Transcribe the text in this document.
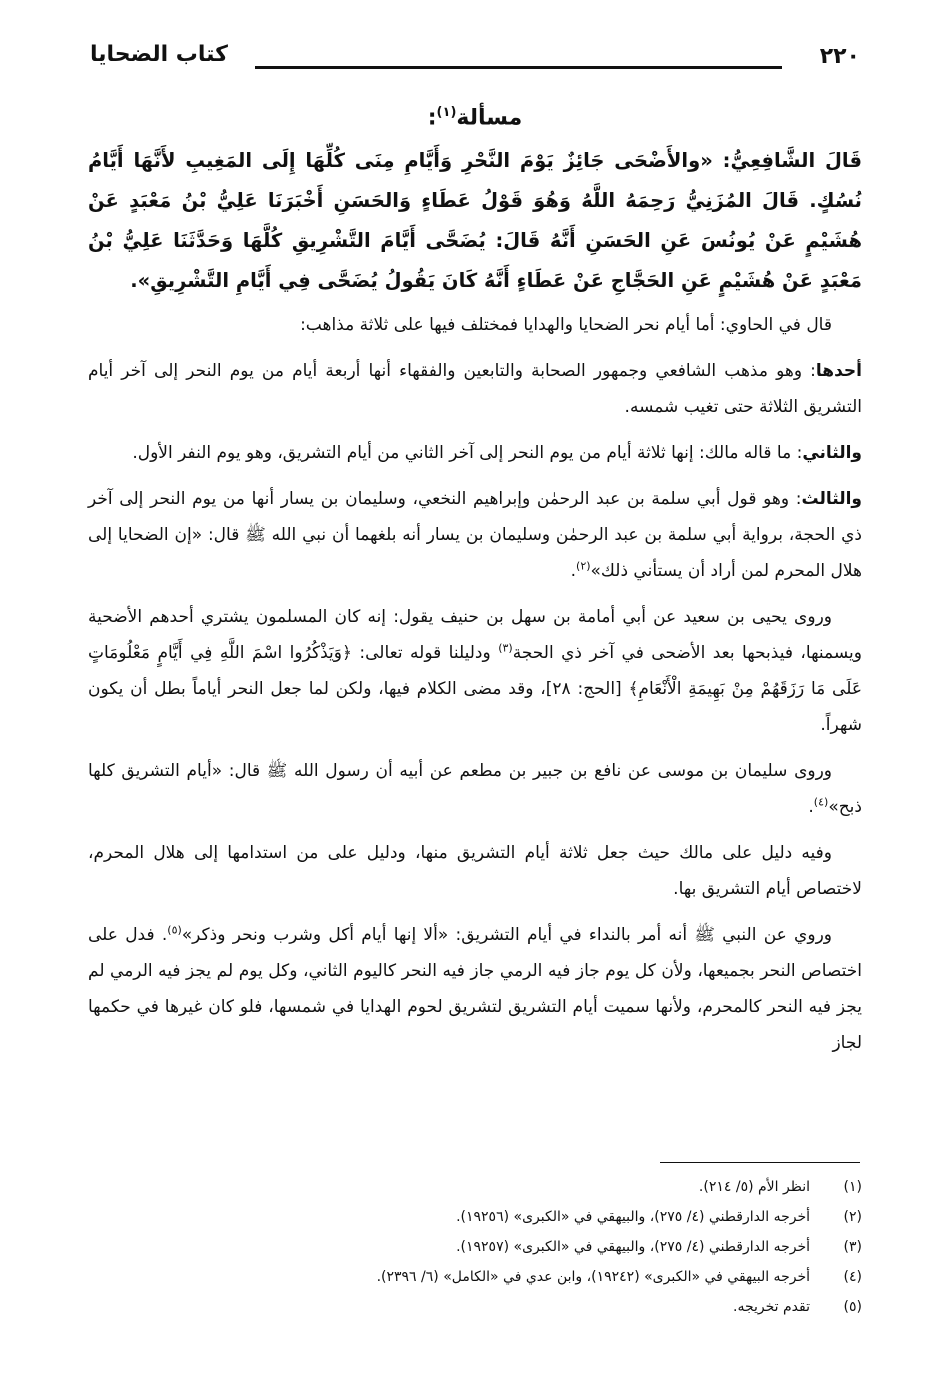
٢٢٠
كتاب الضحايا
مسألة$^{(١)}$:

قَالَ الشَّافِعِيُّ: «والأَضْحَى جَائِزٌ يَوْمَ النَّحْرِ وَأَيَّامِ مِنَى كُلِّهَا إِلَى المَغِيبِ لأَنَّهَا أَيَّامُ نُسُكٍ. قَالَ المُزَنِيُّ رَحِمَهُ اللَّهُ وَهُوَ قَوْلُ عَطَاءٍ وَالحَسَنِ أَخْبَرَنَا عَلِيُّ بْنُ مَعْبَدٍ عَنْ هُشَيْمٍ عَنْ يُونُسَ عَنِ الحَسَنِ أَنَّهُ قَالَ: يُضَحَّى أَيَّامَ التَّشْرِيقِ كُلَّهَا وَحَدَّثَنَا عَلِيُّ بْنُ مَعْبَدٍ عَنْ هُشَيْمٍ عَنِ الحَجَّاجِ عَنْ عَطَاءٍ أَنَّهُ كَانَ يَقُولُ يُضَحَّى فِي أَيَّامِ التَّشْرِيقِ».

قال في الحاوي: أما أيام نحر الضحايا والهدايا فمختلف فيها على ثلاثة مذاهب:

أحدها: وهو مذهب الشافعي وجمهور الصحابة والتابعين والفقهاء أنها أربعة أيام من يوم النحر إلى آخر أيام التشريق الثلاثة حتى تغيب شمسه.

والثاني: ما قاله مالك: إنها ثلاثة أيام من يوم النحر إلى آخر الثاني من أيام التشريق، وهو يوم النفر الأول.

والثالث: وهو قول أبي سلمة بن عبد الرحمٰن وإبراهيم النخعي، وسليمان بن يسار أنها من يوم النحر إلى آخر ذي الحجة، برواية أبي سلمة بن عبد الرحمٰن وسليمان بن يسار أنه بلغهما أن نبي الله ﷺ قال: «إن الضحايا إلى هلال المحرم لمن أراد أن يستأني ذلك»$^{(٢)}$.

وروى يحيى بن سعيد عن أبي أمامة بن سهل بن حنيف يقول: إنه كان المسلمون يشتري أحدهم الأضحية ويسمنها، فيذبحها بعد الأضحى في آخر ذي الحجة$^{(٣)}$ ودليلنا قوله تعالى: ﴿وَيَذْكُرُوا اسْمَ اللَّهِ فِي أَيَّامٍ مَعْلُومَاتٍ عَلَى مَا رَزَقَهُمْ مِنْ بَهِيمَةِ الْأَنْعَامِ﴾ [الحج: ٢٨]، وقد مضى الكلام فيها، ولكن لما جعل النحر أياماً بطل أن يكون شهراً.

وروى سليمان بن موسى عن نافع بن جبير بن مطعم عن أبيه أن رسول الله ﷺ قال: «أيام التشريق كلها ذبح»$^{(٤)}$.

وفيه دليل على مالك حيث جعل ثلاثة أيام التشريق منها، ودليل على من استدامها إلى هلال المحرم، لاختصاص أيام التشريق بها.

وروي عن النبي ﷺ أنه أمر بالنداء في أيام التشريق: «ألا إنها أيام أكل وشرب ونحر وذكر»$^{(٥)}$. فدل على اختصاص النحر بجميعها، ولأن كل يوم جاز فيه الرمي جاز فيه النحر كاليوم الثاني، وكل يوم لم يجز فيه الرمي لم يجز فيه النحر كالمحرم، ولأنها سميت أيام التشريق لتشريق لحوم الهدايا في شمسها، فلو كان غيرها في حكمها لجاز

(١)
انظر الأم (٥/ ٢١٤).
(٢)
أخرجه الدارقطني (٤/ ٢٧٥)، والبيهقي في «الكبرى» (١٩٢٥٦).
(٣)
أخرجه الدارقطني (٤/ ٢٧٥)، والبيهقي في «الكبرى» (١٩٢٥٧).
(٤)
أخرجه البيهقي في «الكبرى» (١٩٢٤٢)، وابن عدي في «الكامل» (٦/ ٢٣٩٦).
(٥)
تقدم تخريجه.
